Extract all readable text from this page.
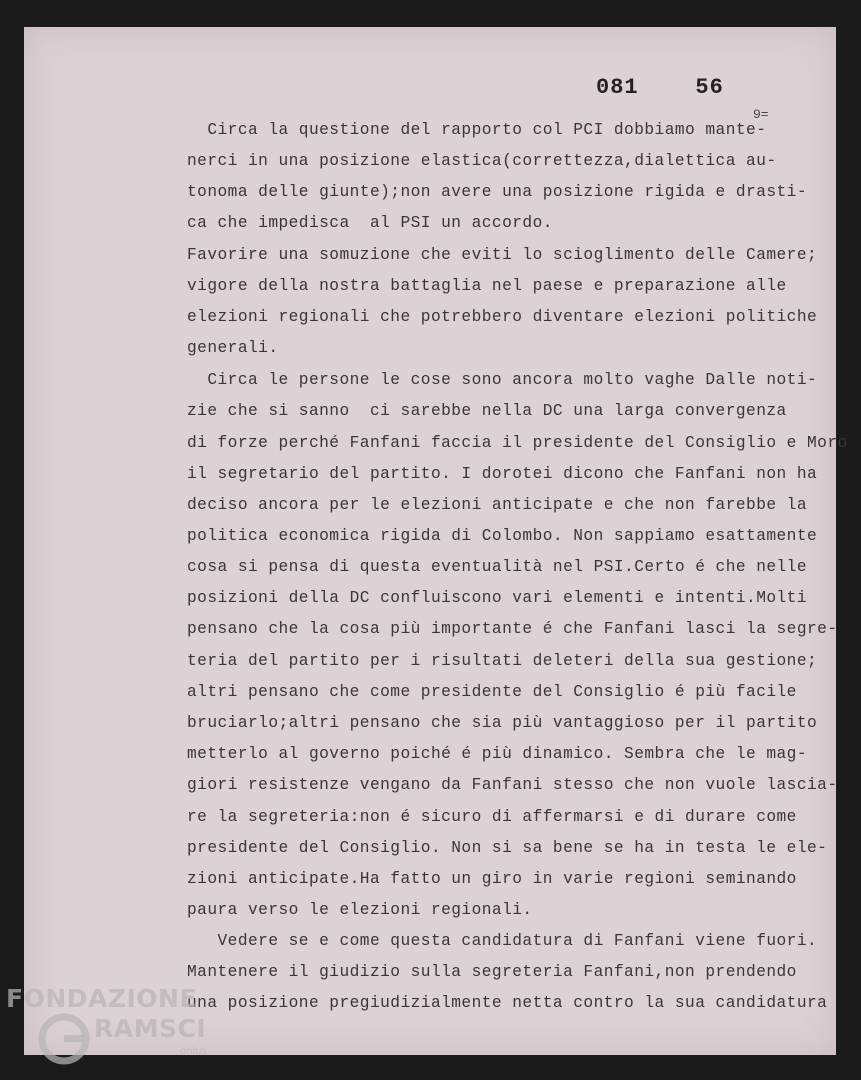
081    56
9=
Circa la questione del rapporto col PCI dobbiamo mante-
nerci in una posizione elastica(correttezza,dialettica au-
tonoma delle giunte);non avere una posizione rigida e drasti-
ca che impedisca  al PSI un accordo.
Favorire una somuzione che eviti lo scioglimento delle Camere;
vigore della nostra battaglia nel paese e preparazione alle
elezioni regionali che potrebbero diventare elezioni politiche
generali.
Circa le persone le cose sono ancora molto vaghe Dalle noti-
zie che si sanno  ci sarebbe nella DC una larga convergenza
di forze perché Fanfani faccia il presidente del Consiglio e Moro
il segretario del partito. I dorotei dicono che Fanfani non ha
deciso ancora per le elezioni anticipate e che non farebbe la
politica economica rigida di Colombo. Non sappiamo esattamente
cosa si pensa di questa eventualità nel PSI.Certo é che nelle
posizioni della DC confluiscono vari elementi e intenti.Molti
pensano che la cosa più importante é che Fanfani lasci la segre-
teria del partito per i risultati deleteri della sua gestione;
altri pensano che come presidente del Consiglio é più facile
bruciarlo;altri pensano che sia più vantaggioso per il partito
metterlo al governo poiché é più dinamico. Sembra che le mag-
giori resistenze vengano da Fanfani stesso che non vuole lascia-
re la segreteria:non é sicuro di affermarsi e di durare come
presidente del Consiglio. Non si sa bene se ha in testa le ele-
zioni anticipate.Ha fatto un giro in varie regioni seminando
paura verso le elezioni regionali.
Vedere se e come questa candidatura di Fanfani viene fuori.
Mantenere il giudizio sulla segreteria Fanfani,non prendendo
una posizione pregiudizialmente netta contro la sua candidatura
FONDAZIONE
RAMSCI
onlus
